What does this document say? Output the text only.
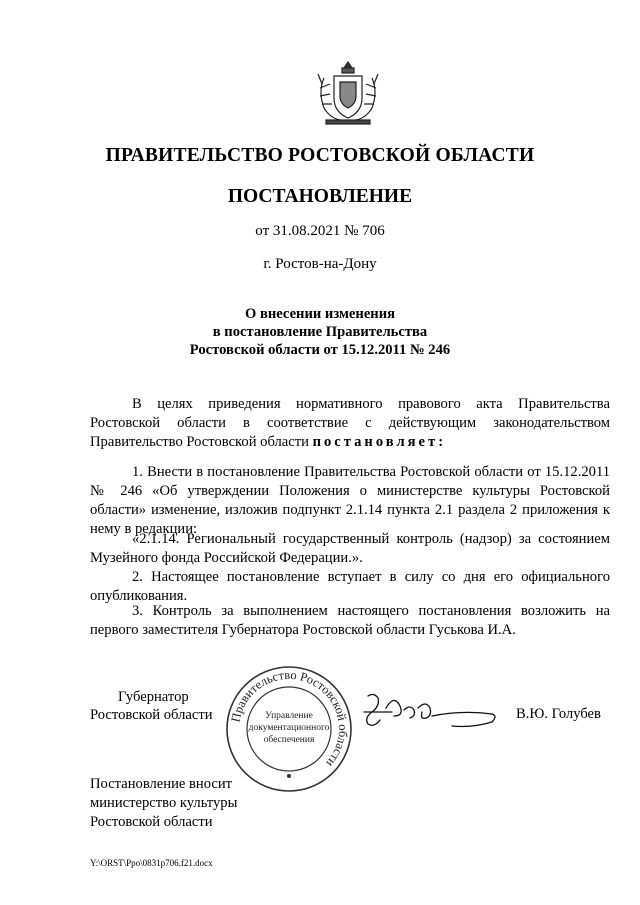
ПРАВИТЕЛЬСТВО РОСТОВСКОЙ ОБЛАСТИ
ПОСТАНОВЛЕНИЕ
от 31.08.2021 № 706
г. Ростов-на-Дону
О внесении изменения
в постановление Правительства
Ростовской области от 15.12.2011 № 246
В целях приведения нормативного правового акта Правительства Ростовской области в соответствие с действующим законодательством Правительство Ростовской области постановляет:
1. Внести в постановление Правительства Ростовской области от 15.12.2011 № 246 «Об утверждении Положения о министерстве культуры Ростовской области» изменение, изложив подпункт 2.1.14 пункта 2.1 раздела 2 приложения к нему в редакции:
«2.1.14. Региональный государственный контроль (надзор) за состоянием Музейного фонда Российской Федерации.».
2. Настоящее постановление вступает в силу со дня его официального опубликования.
3. Контроль за выполнением настоящего постановления возложить на первого заместителя Губернатора Ростовской области Гуськова И.А.
Губернатор
Ростовской области	Правительство Ростовской области
Управление
документационного
обеспечения
В.Ю. Голубев
Постановление вносит
министерство культуры
Ростовской области
Y:\ORST\Ppo\0831p706.f21.docx
